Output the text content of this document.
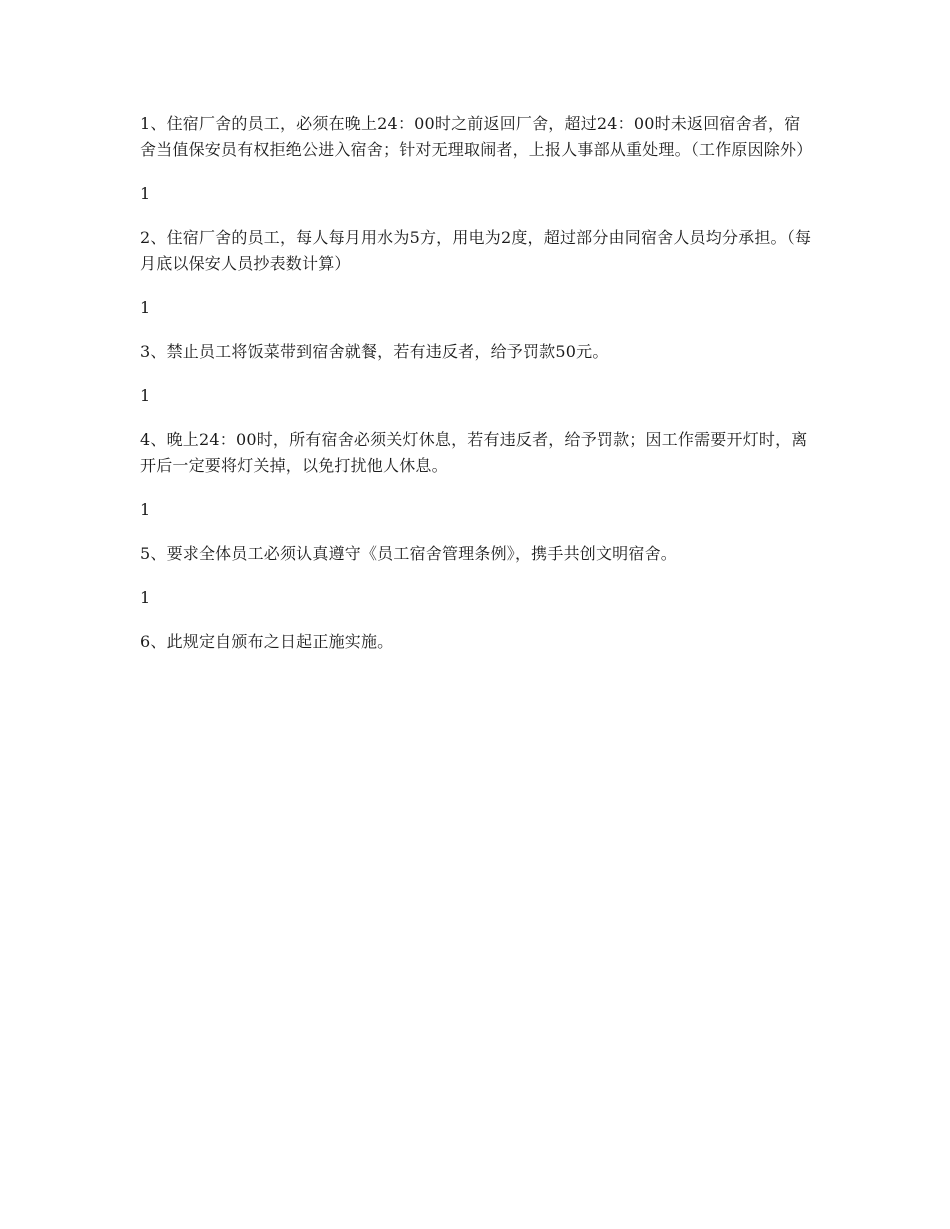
1、住宿厂舍的员工，必须在晚上24：00时之前返回厂舍，超过24：00时未返回宿舍者，宿舍当值保安员有权拒绝公进入宿舍；针对无理取闹者，上报人事部从重处理。（工作原因除外）

1

2、住宿厂舍的员工，每人每月用水为5方，用电为2度，超过部分由同宿舍人员均分承担。（每月底以保安人员抄表数计算）

1

3、禁止员工将饭菜带到宿舍就餐，若有违反者，给予罚款50元。

1

4、晚上24：00时，所有宿舍必须关灯休息，若有违反者，给予罚款；因工作需要开灯时，离开后一定要将灯关掉，以免打扰他人休息。

1

5、要求全体员工必须认真遵守《员工宿舍管理条例》，携手共创文明宿舍。

1

6、此规定自颁布之日起正施实施。
